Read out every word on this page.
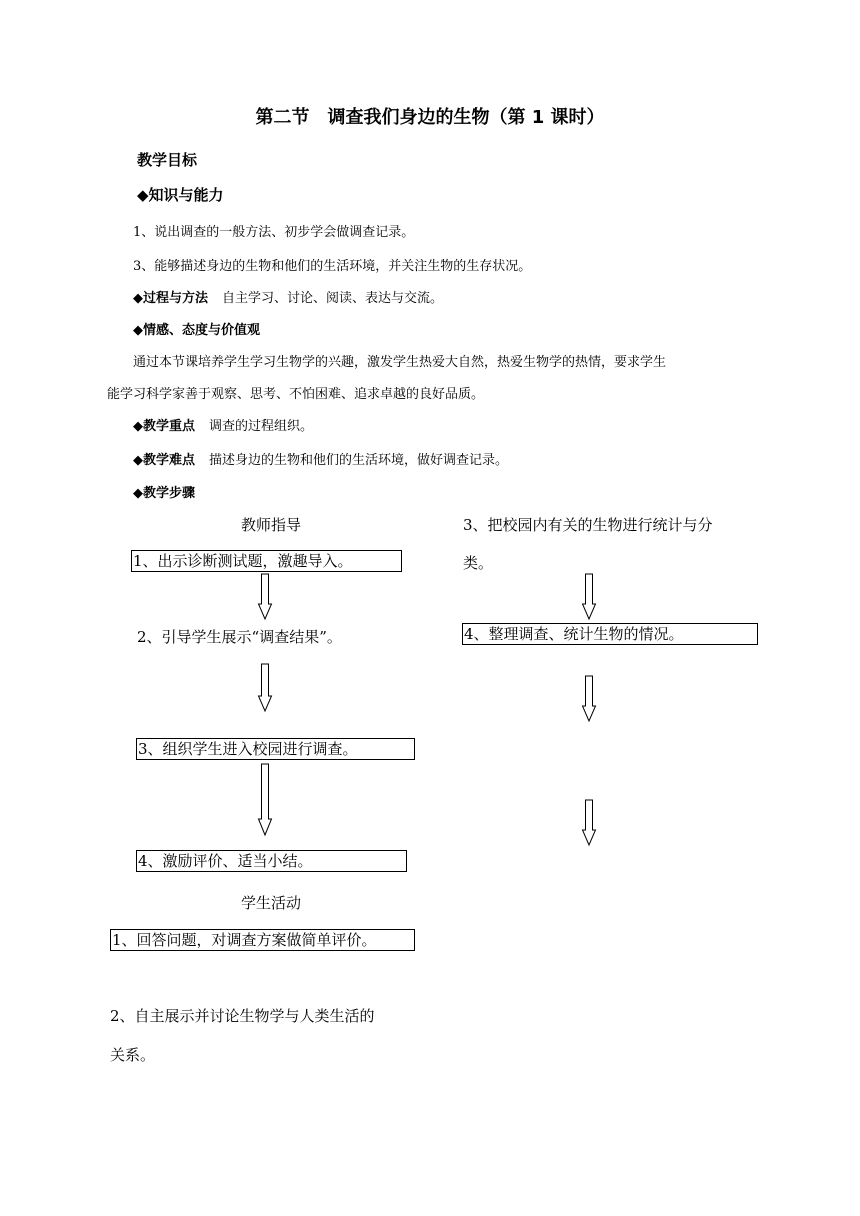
第二节　调查我们身边的生物（第 1 课时）
教学目标
◆知识与能力
1、说出调查的一般方法、初步学会做调查记录。
3、能够描述身边的生物和他们的生活环境，并关注生物的生存状况。
◆过程与方法 自主学习、讨论、阅读、表达与交流。
◆情感、态度与价值观
通过本节课培养学生学习生物学的兴趣，激发学生热爱大自然，热爱生物学的热情，要求学生
能学习科学家善于观察、思考、不怕困难、追求卓越的良好品质。
◆教学重点 调查的过程组织。
◆教学难点 描述身边的生物和他们的生活环境，做好调查记录。
◆教学步骤
教师指导
1、出示诊断测试题，激趣导入。
2、引导学生展示“调查结果”。
3、组织学生进入校园进行调查。
4、激励评价、适当小结。
学生活动
1、回答问题，对调查方案做简单评价。
2、自主展示并讨论生物学与人类生活的
关系。
3、把校园内有关的生物进行统计与分
类。
4、整理调查、统计生物的情况。
